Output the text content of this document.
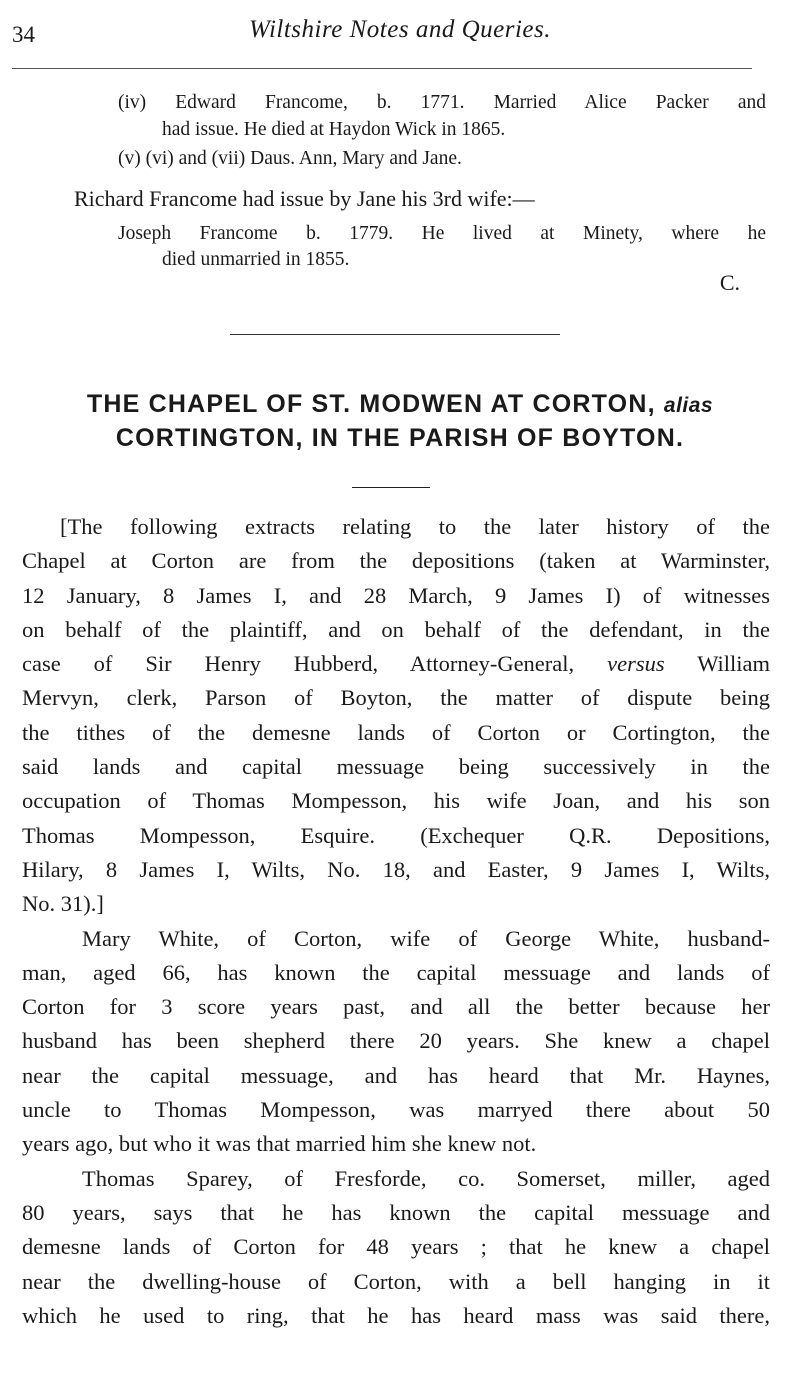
34	Wiltshire Notes and Queries.
(iv) Edward Francome, b. 1771. Married Alice Packer and
had issue. He died at Haydon Wick in 1865.
(v) (vi) and (vii) Daus. Ann, Mary and Jane.
Richard Francome had issue by Jane his 3rd wife:—
Joseph Francome b. 1779. He lived at Minety, where he
died unmarried in 1855.
C.
THE CHAPEL OF ST. MODWEN AT CORTON, alias
CORTINGTON, IN THE PARISH OF BOYTON.
[The following extracts relating to the later history of the
Chapel at Corton are from the depositions (taken at Warminster,
12 January, 8 James I, and 28 March, 9 James I) of witnesses
on behalf of the plaintiff, and on behalf of the defendant, in the
case of Sir Henry Hubberd, Attorney-General, versus William
Mervyn, clerk, Parson of Boyton, the matter of dispute being
the tithes of the demesne lands of Corton or Cortington, the
said lands and capital messuage being successively in the
occupation of Thomas Mompesson, his wife Joan, and his son
Thomas Mompesson, Esquire. (Exchequer Q.R. Depositions,
Hilary, 8 James I, Wilts, No. 18, and Easter, 9 James I, Wilts,
No. 31).]
Mary White, of Corton, wife of George White, husband-
man, aged 66, has known the capital messuage and lands of
Corton for 3 score years past, and all the better because her
husband has been shepherd there 20 years. She knew a chapel
near the capital messuage, and has heard that Mr. Haynes,
uncle to Thomas Mompesson, was marryed there about 50
years ago, but who it was that married him she knew not.
Thomas Sparey, of Fresforde, co. Somerset, miller, aged
80 years, says that he has known the capital messuage and
demesne lands of Corton for 48 years ; that he knew a chapel
near the dwelling-house of Corton, with a bell hanging in it
which he used to ring, that he has heard mass was said there,
